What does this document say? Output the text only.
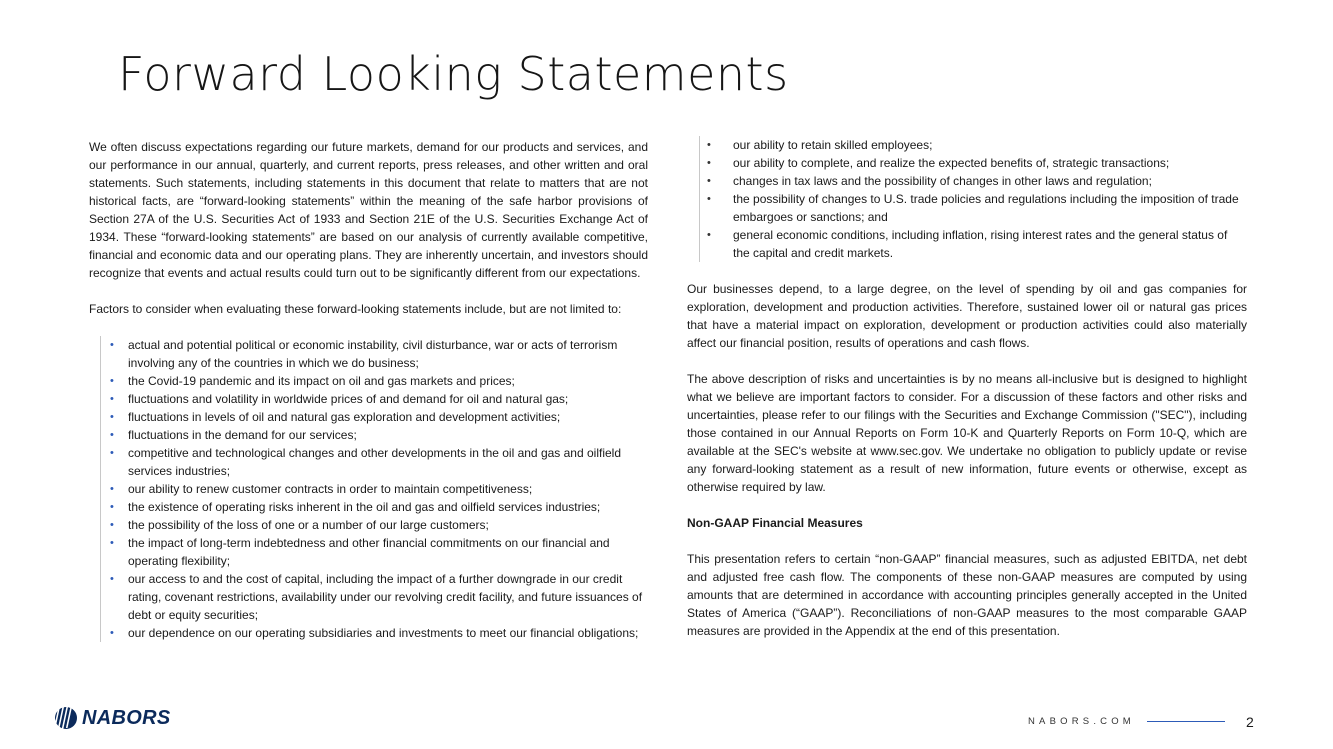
Forward Looking Statements

We often discuss expectations regarding our future markets, demand for our products and services, and our performance in our annual, quarterly, and current reports, press releases, and other written and oral statements. Such statements, including statements in this document that relate to matters that are not historical facts, are “forward-looking statements” within the meaning of the safe harbor provisions of Section 27A of the U.S. Securities Act of 1933 and Section 21E of the U.S. Securities Exchange Act of 1934. These “forward-looking statements” are based on our analysis of currently available competitive, financial and economic data and our operating plans. They are inherently uncertain, and investors should recognize that events and actual results could turn out to be significantly different from our expectations.

Factors to consider when evaluating these forward-looking statements include, but are not limited to:

• actual and potential political or economic instability, civil disturbance, war or acts of terrorism involving any of the countries in which we do business;
• the Covid-19 pandemic and its impact on oil and gas markets and prices;
• fluctuations and volatility in worldwide prices of and demand for oil and natural gas;
• fluctuations in levels of oil and natural gas exploration and development activities;
• fluctuations in the demand for our services;
• competitive and technological changes and other developments in the oil and gas and oilfield services industries;
• our ability to renew customer contracts in order to maintain competitiveness;
• the existence of operating risks inherent in the oil and gas and oilfield services industries;
• the possibility of the loss of one or a number of our large customers;
• the impact of long-term indebtedness and other financial commitments on our financial and operating flexibility;
• our access to and the cost of capital, including the impact of a further downgrade in our credit rating, covenant restrictions, availability under our revolving credit facility, and future issuances of debt or equity securities;
• our dependence on our operating subsidiaries and investments to meet our financial obligations;
• our ability to retain skilled employees;
• our ability to complete, and realize the expected benefits of, strategic transactions;
• changes in tax laws and the possibility of changes in other laws and regulation;
• the possibility of changes to U.S. trade policies and regulations including the imposition of trade embargoes or sanctions; and
• general economic conditions, including inflation, rising interest rates and the general status of the capital and credit markets.

Our businesses depend, to a large degree, on the level of spending by oil and gas companies for exploration, development and production activities. Therefore, sustained lower oil or natural gas prices that have a material impact on exploration, development or production activities could also materially affect our financial position, results of operations and cash flows.

The above description of risks and uncertainties is by no means all-inclusive but is designed to highlight what we believe are important factors to consider. For a discussion of these factors and other risks and uncertainties, please refer to our filings with the Securities and Exchange Commission ("SEC"), including those contained in our Annual Reports on Form 10-K and Quarterly Reports on Form 10-Q, which are available at the SEC's website at www.sec.gov. We undertake no obligation to publicly update or revise any forward-looking statement as a result of new information, future events or otherwise, except as otherwise required by law.

Non-GAAP Financial Measures

This presentation refers to certain “non-GAAP” financial measures, such as adjusted EBITDA, net debt and adjusted free cash flow. The components of these non-GAAP measures are computed by using amounts that are determined in accordance with accounting principles generally accepted in the United States of America (“GAAP”). Reconciliations of non-GAAP measures to the most comparable GAAP measures are provided in the Appendix at the end of this presentation.

NABORS	NABORS.COM	2
